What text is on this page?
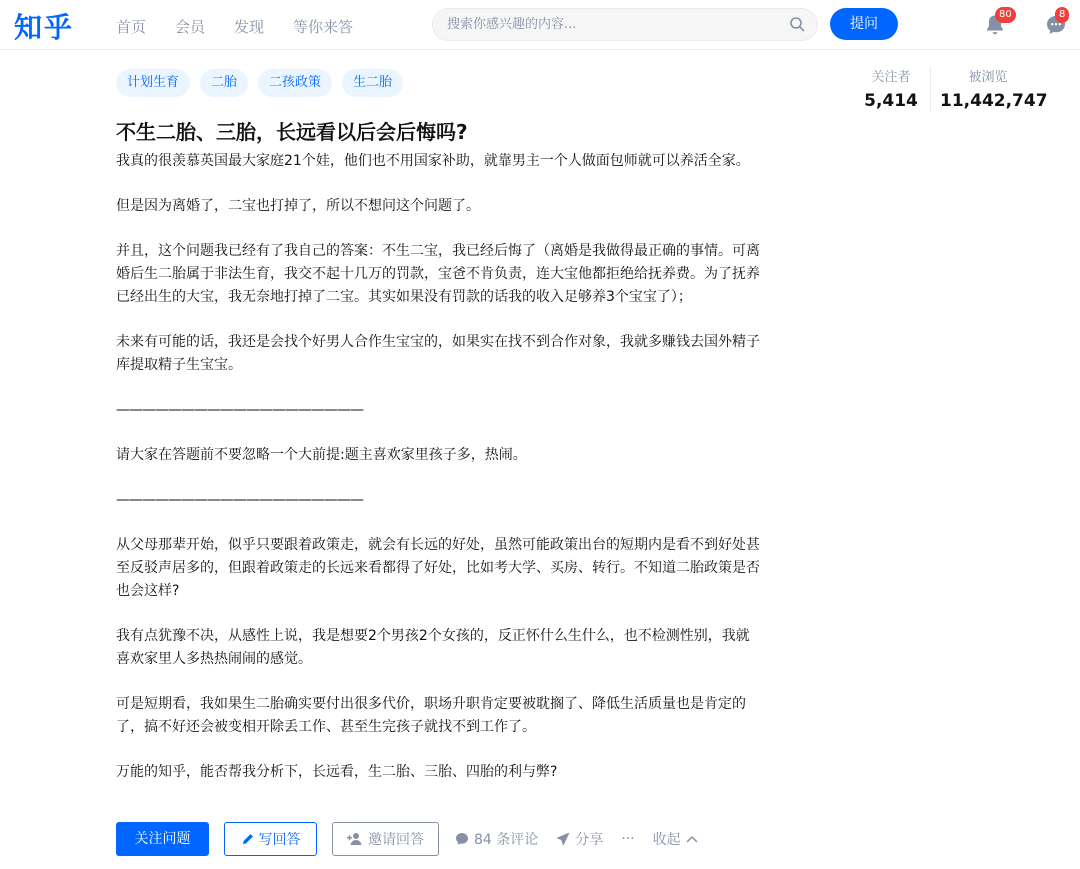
知乎	首页 会员 发现 等你来答
搜索你感兴趣的内容...	提问
80	8
计划生育	二胎	二孩政策	生二胎	关注者
5,414
被浏览
11,442,747
不生二胎、三胎，长远看以后会后悔吗?

我真的很羡慕英国最大家庭21个娃，他们也不用国家补助，就靠男主一个人做面包师就可以养活全家。

但是因为离婚了，二宝也打掉了，所以不想问这个问题了。

并且，这个问题我已经有了我自己的答案：不生二宝，我已经后悔了（离婚是我做得最正确的事情。可离婚后生二胎属于非法生育，我交不起十几万的罚款，宝爸不肯负责，连大宝他都拒绝给抚养费。为了抚养已经出生的大宝，我无奈地打掉了二宝。其实如果没有罚款的话我的收入足够养3个宝宝了）；

未来有可能的话，我还是会找个好男人合作生宝宝的，如果实在找不到合作对象，我就多赚钱去国外精子库提取精子生宝宝。

———————————————————

请大家在答题前不要忽略一个大前提:题主喜欢家里孩子多，热闹。

———————————————————

从父母那辈开始，似乎只要跟着政策走，就会有长远的好处，虽然可能政策出台的短期内是看不到好处甚至反驳声居多的，但跟着政策走的长远来看都得了好处，比如考大学、买房、转行。不知道二胎政策是否也会这样?

我有点犹豫不决，从感性上说，我是想要2个男孩2个女孩的，反正怀什么生什么，也不检测性别，我就喜欢家里人多热热闹闹的感觉。

可是短期看，我如果生二胎确实要付出很多代价，职场升职肯定要被耽搁了、降低生活质量也是肯定的了，搞不好还会被变相开除丢工作、甚至生完孩子就找不到工作了。

万能的知乎，能否帮我分析下，长远看，生二胎、三胎、四胎的利与弊?

关注问题	写回答	邀请回答	84 条评论	分享 ··· 收起
